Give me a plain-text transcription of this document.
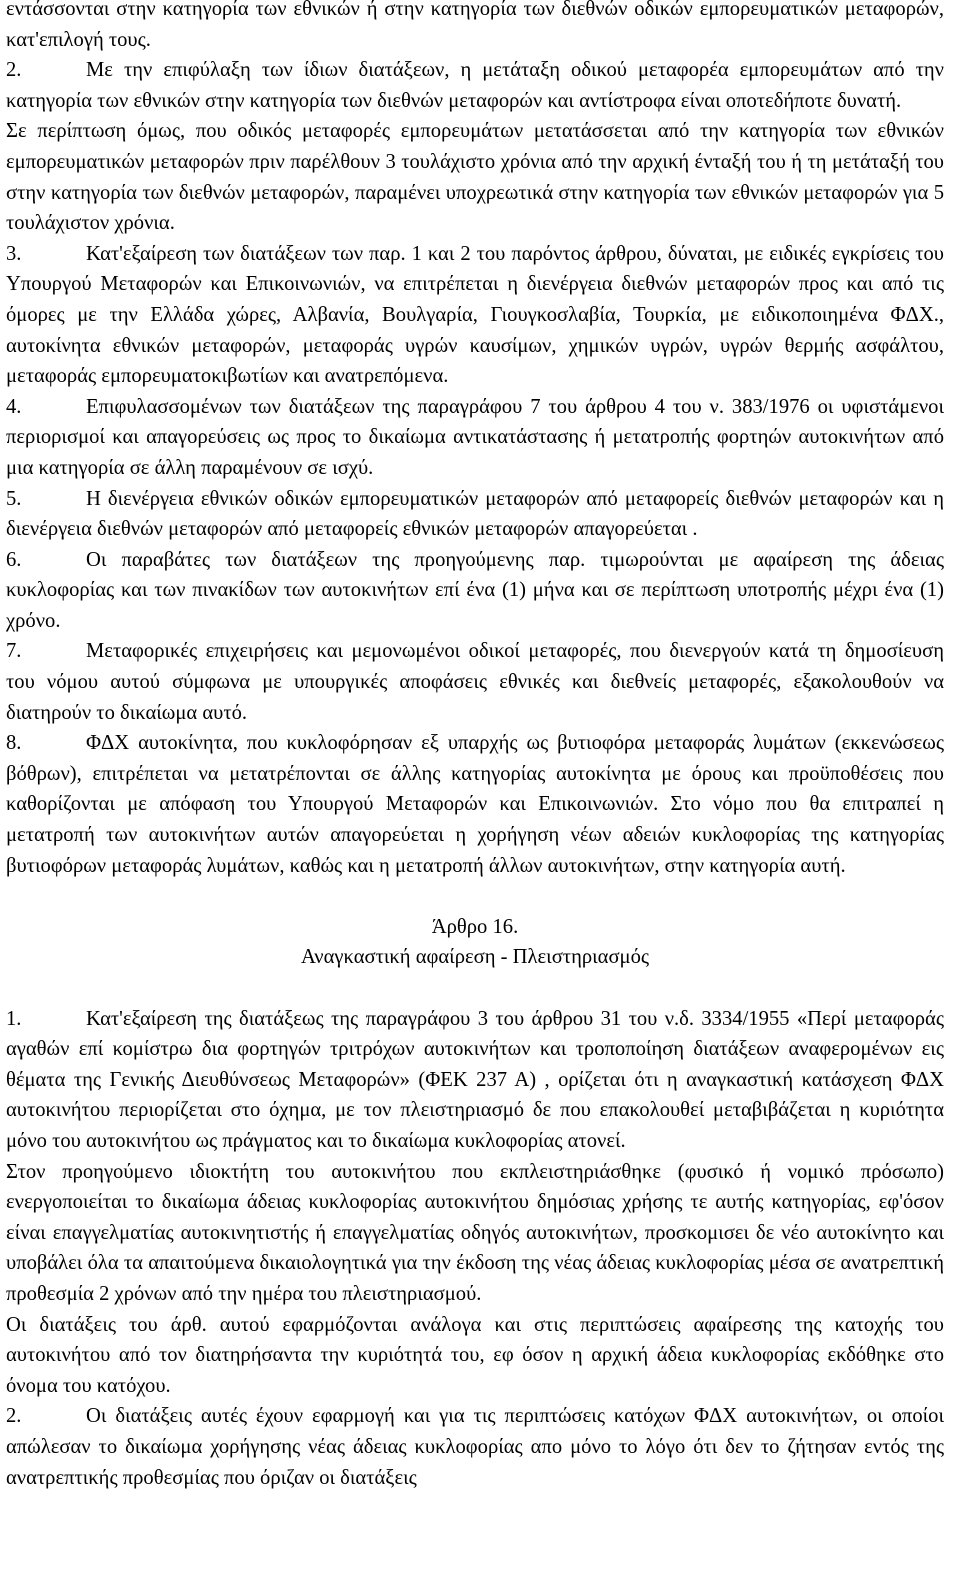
εντάσσονται στην κατηγορία των εθνικών ή στην κατηγορία των διεθνών οδικών εμπορευματικών μεταφορών, κατ'επιλογή τους.

2.	Με την επιφύλαξη των ίδιων διατάξεων, η μετάταξη οδικού μεταφορέα εμπορευμάτων από την κατηγορία των εθνικών στην κατηγορία των διεθνών μεταφορών και αντίστροφα είναι οποτεδήποτε δυνατή.

Σε περίπτωση όμως, που οδικός μεταφορές εμπορευμάτων μετατάσσεται από την κατηγορία των εθνικών εμπορευματικών μεταφορών πριν παρέλθουν 3 τουλάχιστο χρόνια από την αρχική ένταξή του ή τη μετάταξή του στην κατηγορία των διεθνών μεταφορών, παραμένει υποχρεωτικά στην κατηγορία των εθνικών μεταφορών για 5 τουλάχιστον χρόνια.

3.	Κατ'εξαίρεση των διατάξεων των παρ. 1 και 2 του παρόντος άρθρου, δύναται, με ειδικές εγκρίσεις του Υπουργού Μεταφορών και Επικοινωνιών, να επιτρέπεται η διενέργεια διεθνών μεταφορών προς και από τις όμορες με την Ελλάδα χώρες, Αλβανία, Βουλγαρία, Γιουγκοσλαβία, Τουρκία, με ειδικοποιημένα ΦΔΧ., αυτοκίνητα εθνικών μεταφορών, μεταφοράς υγρών καυσίμων, χημικών υγρών, υγρών θερμής ασφάλτου, μεταφοράς εμπορευματοκιβωτίων και ανατρεπόμενα.

4.	Επιφυλασσομένων των διατάξεων της παραγράφου 7 του άρθρου 4 του ν. 383/1976 οι υφιστάμενοι περιορισμοί και απαγορεύσεις ως προς το δικαίωμα αντικατάστασης ή μετατροπής φορτηών αυτοκινήτων από μια κατηγορία σε άλλη παραμένουν σε ισχύ.

5.	Η διενέργεια εθνικών οδικών εμπορευματικών μεταφορών από μεταφορείς διεθνών μεταφορών και η διενέργεια διεθνών μεταφορών από μεταφορείς εθνικών μεταφορών απαγορεύεται .

6.	Οι παραβάτες των διατάξεων της προηγούμενης παρ. τιμωρούνται με αφαίρεση της άδειας κυκλοφορίας και των πινακίδων των αυτοκινήτων επί ένα (1) μήνα και σε περίπτωση υποτροπής μέχρι ένα (1) χρόνο.

7.	Μεταφορικές επιχειρήσεις και μεμονωμένοι οδικοί μεταφορές, που διενεργούν κατά τη δημοσίευση του νόμου αυτού σύμφωνα με υπουργικές αποφάσεις εθνικές και διεθνείς μεταφορές, εξακολουθούν να διατηρούν το δικαίωμα αυτό.

8.	ΦΔΧ αυτοκίνητα, που κυκλοφόρησαν εξ υπαρχής ως βυτιοφόρα μεταφοράς λυμάτων (εκκενώσεως βόθρων), επιτρέπεται να μετατρέπονται σε άλλης κατηγορίας αυτοκίνητα με όρους και προϋποθέσεις που καθορίζονται με απόφαση του Υπουργού Μεταφορών και Επικοινωνιών. Στο νόμο που θα επιτραπεί η μετατροπή των αυτοκινήτων αυτών απαγορεύεται η χορήγηση νέων αδειών κυκλοφορίας της κατηγορίας βυτιοφόρων μεταφοράς λυμάτων, καθώς και η μετατροπή άλλων αυτοκινήτων, στην κατηγορία αυτή.

Άρθρο 16.

Αναγκαστική αφαίρεση - Πλειστηριασμός

1.	Κατ'εξαίρεση της διατάξεως της παραγράφου 3 του άρθρου 31 του ν.δ. 3334/1955 «Περί μεταφοράς αγαθών επί κομίστρω δια φορτηγών τριτρόχων αυτοκινήτων και τροποποίηση διατάξεων αναφερομένων εις θέματα της Γενικής Διευθύνσεως Μεταφορών» (ΦΕΚ 237 Α) , ορίζεται ότι η αναγκαστική κατάσχεση ΦΔΧ αυτοκινήτου περιορίζεται στο όχημα, με τον πλειστηριασμό δε που επακολουθεί μεταβιβάζεται η κυριότητα μόνο του αυτοκινήτου ως πράγματος και το δικαίωμα κυκλοφορίας ατονεί.

Στον προηγούμενο ιδιοκτήτη του αυτοκινήτου που εκπλειστηριάσθηκε (φυσικό ή νομικό πρόσωπο) ενεργοποιείται το δικαίωμα άδειας κυκλοφορίας αυτοκινήτου δημόσιας χρήσης τε αυτής κατηγορίας, εφ'όσον είναι επαγγελματίας αυτοκινητιστής ή επαγγελματίας οδηγός αυτοκινήτων, προσκομισει δε νέο αυτοκίνητο και υποβάλει όλα τα απαιτούμενα δικαιολογητικά για την έκδοση της νέας άδειας κυκλοφορίας μέσα σε ανατρεπτική προθεσμία 2 χρόνων από την ημέρα του πλειστηριασμού.

Οι διατάξεις του άρθ. αυτού εφαρμόζονται ανάλογα και στις περιπτώσεις αφαίρεσης της κατοχής του αυτοκινήτου από τον διατηρήσαντα την κυριότητά του, εφ όσον η αρχική άδεια κυκλοφορίας εκδόθηκε στο όνομα του κατόχου.

2.	Οι διατάξεις αυτές έχουν εφαρμογή και για τις περιπτώσεις κατόχων ΦΔΧ αυτοκινήτων, οι οποίοι απώλεσαν το δικαίωμα χορήγησης νέας άδειας κυκλοφορίας απο μόνο το λόγο ότι δεν το ζήτησαν εντός της ανατρεπτικής προθεσμίας που όριζαν οι διατάξεις
